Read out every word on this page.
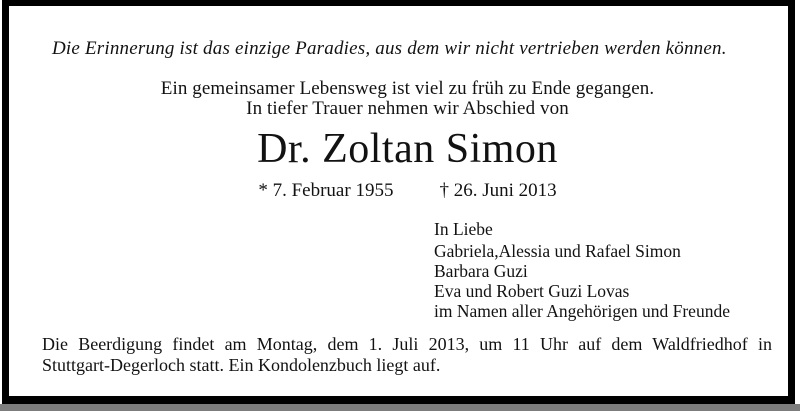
Die Erinnerung ist das einzige Paradies, aus dem wir nicht vertrieben werden können.
Ein gemeinsamer Lebensweg ist viel zu früh zu Ende gegangen.
In tiefer Trauer nehmen wir Abschied von
Dr. Zoltan Simon
* 7. Februar 1955 † 26. Juni 2013
In Liebe
Gabriela,Alessia und Rafael Simon
Barbara Guzi
Eva und Robert Guzi Lovas
im Namen aller Angehörigen und Freunde
Die Beerdigung findet am Montag, dem 1. Juli 2013, um 11 Uhr auf dem Waldfriedhof in
Stuttgart-Degerloch statt. Ein Kondolenzbuch liegt auf.
